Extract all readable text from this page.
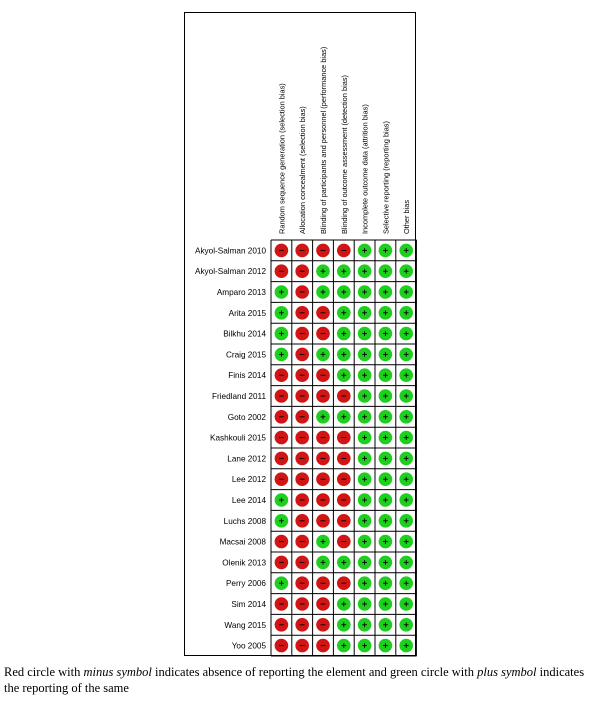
Random sequence generation (selection bias) Allocation concealment (selection bias) Blinding of participants and personnel (performance bias) Blinding of outcome assessment (detection bias) Incomplete outcome data (attrition bias) Selective reporting (reporting bias) Other bias
Akyol-Salman 2010
Akyol-Salman 2012
Amparo 2013
Arita 2015
Bilkhu 2014
Craig 2015
Finis 2014
Friedland 2011
Goto 2002
Kashkouli 2015
Lane 2012
Lee 2012
Lee 2014
Luchs 2008
Macsai 2008
Olenik 2013
Perry 2006
Sim 2014
Wang 2015
Yoo 2005
Red circle with minus symbol indicates absence of reporting the element and green circle with plus symbol indicates the reporting of the same
